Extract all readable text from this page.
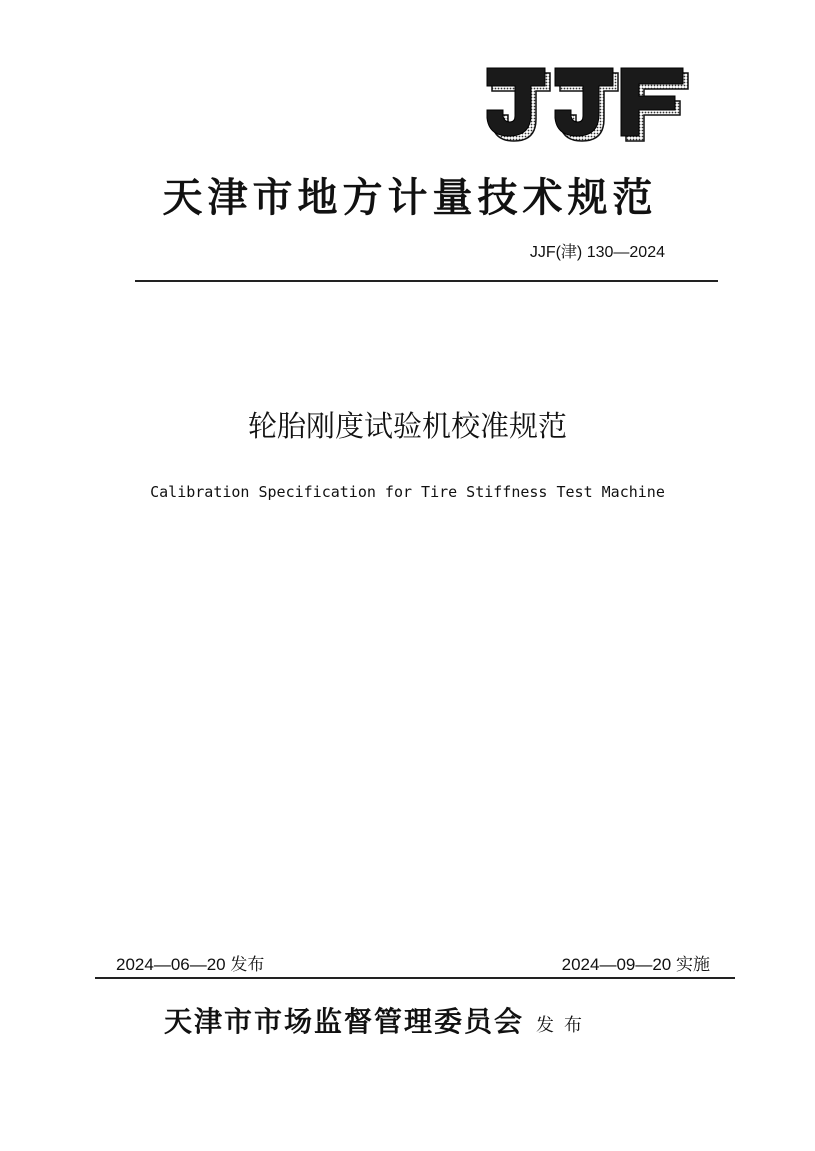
天津市地方计量技术规范
JJF(津) 130—2024
轮胎刚度试验机校准规范
Calibration Specification for Tire Stiffness Test Machine
2024—06—20 发布	2024—09—20 实施
天津市市场监督管理委员会 发布
